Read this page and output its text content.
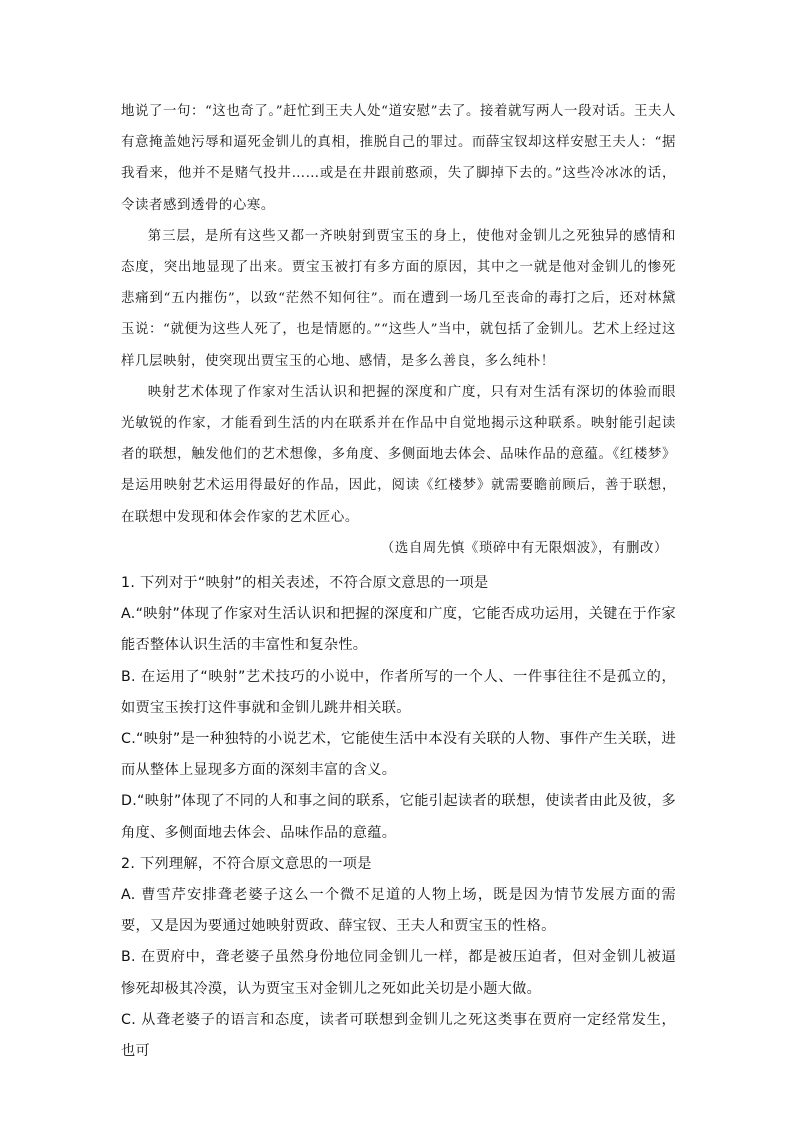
地说了一句：“这也奇了。”赶忙到王夫人处“道安慰”去了。接着就写两人一段对话。王夫人有意掩盖她污辱和逼死金钏儿的真相，推脱自己的罪过。而薛宝钗却这样安慰王夫人：“据我看来，他并不是赌气投井……或是在井跟前憨顽，失了脚掉下去的。”这些冷冰冰的话，令读者感到透骨的心寒。

第三层，是所有这些又都一齐映射到贾宝玉的身上，使他对金钏儿之死独异的感情和态度，突出地显现了出来。贾宝玉被打有多方面的原因，其中之一就是他对金钏儿的惨死悲痛到“五内摧伤”，以致“茫然不知何往”。而在遭到一场几至丧命的毒打之后，还对林黛玉说：“就便为这些人死了，也是情愿的。”“这些人”当中，就包括了金钏儿。艺术上经过这样几层映射，使突现出贾宝玉的心地、感情，是多么善良，多么纯朴！

映射艺术体现了作家对生活认识和把握的深度和广度，只有对生活有深切的体验而眼光敏锐的作家，才能看到生活的内在联系并在作品中自觉地揭示这种联系。映射能引起读者的联想，触发他们的艺术想像，多角度、多侧面地去体会、品味作品的意蕴。《红楼梦》是运用映射艺术运用得最好的作品，因此，阅读《红楼梦》就需要瞻前顾后，善于联想，在联想中发现和体会作家的艺术匠心。

（选自周先慎《琐碎中有无限烟波》，有删改）

1. 下列对于“映射”的相关表述，不符合原文意思的一项是

A.“映射”体现了作家对生活认识和把握的深度和广度，它能否成功运用，关键在于作家能否整体认识生活的丰富性和复杂性。

B. 在运用了“映射”艺术技巧的小说中，作者所写的一个人、一件事往往不是孤立的，如贾宝玉挨打这件事就和金钏儿跳井相关联。

C.“映射”是一种独特的小说艺术，它能使生活中本没有关联的人物、事件产生关联，进而从整体上显现多方面的深刻丰富的含义。

D.“映射”体现了不同的人和事之间的联系，它能引起读者的联想，使读者由此及彼，多角度、多侧面地去体会、品味作品的意蕴。

2. 下列理解，不符合原文意思的一项是

A. 曹雪芹安排聋老婆子这么一个微不足道的人物上场，既是因为情节发展方面的需要，又是因为要通过她映射贾政、薛宝钗、王夫人和贾宝玉的性格。

B. 在贾府中，聋老婆子虽然身份地位同金钏儿一样，都是被压迫者，但对金钏儿被逼惨死却极其冷漠，认为贾宝玉对金钏儿之死如此关切是小题大做。

C. 从聋老婆子的语言和态度，读者可联想到金钏儿之死这类事在贾府一定经常发生，也可
